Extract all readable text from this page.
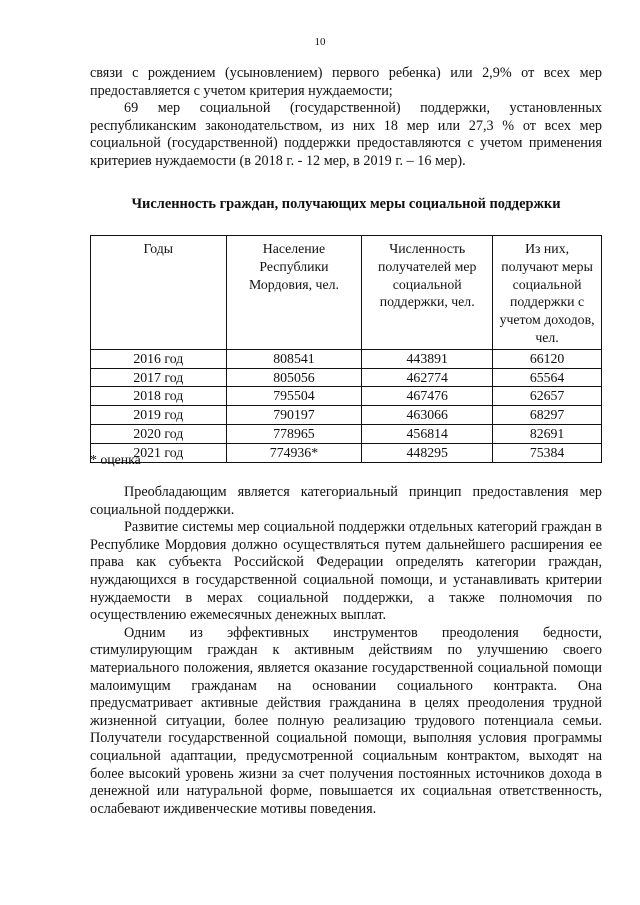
10

связи с рождением (усыновлением) первого ребенка) или 2,9% от всех мер предоставляется с учетом критерия нуждаемости;

69 мер социальной (государственной) поддержки, установленных республиканским законодательством, из них 18 мер или 27,3 % от всех мер социальной (государственной) поддержки предоставляются с учетом применения критериев нуждаемости (в 2018 г. - 12 мер, в 2019 г. – 16 мер).

Численность граждан, получающих меры социальной поддержки
Годы	Население Республики Мордовия, чел.	Численность получателей мер социальной поддержки, чел.	Из них, получают меры социальной поддержки с учетом доходов, чел.
2016 год	808541	443891	66120
2017 год	805056	462774	65564
2018 год	795504	467476	62657
2019 год	790197	463066	68297
2020 год	778965	456814	82691
2021 год	774936*	448295	75384
* оценка

Преобладающим является категориальный принцип предоставления мер социальной поддержки.

Развитие системы мер социальной поддержки отдельных категорий граждан в Республике Мордовия должно осуществляться путем дальнейшего расширения ее права как субъекта Российской Федерации определять категории граждан, нуждающихся в государственной социальной помощи, и устанавливать критерии нуждаемости в мерах социальной поддержки, а также полномочия по осуществлению ежемесячных денежных выплат.

Одним из эффективных инструментов преодоления бедности, стимулирующим граждан к активным действиям по улучшению своего материального положения, является оказание государственной социальной помощи малоимущим гражданам на основании социального контракта. Она предусматривает активные действия гражданина в целях преодоления трудной жизненной ситуации, более полную реализацию трудового потенциала семьи. Получатели государственной социальной помощи, выполняя условия программы социальной адаптации, предусмотренной социальным контрактом, выходят на более высокий уровень жизни за счет получения постоянных источников дохода в денежной или натуральной форме, повышается их социальная ответственность, ослабевают иждивенческие мотивы поведения.
